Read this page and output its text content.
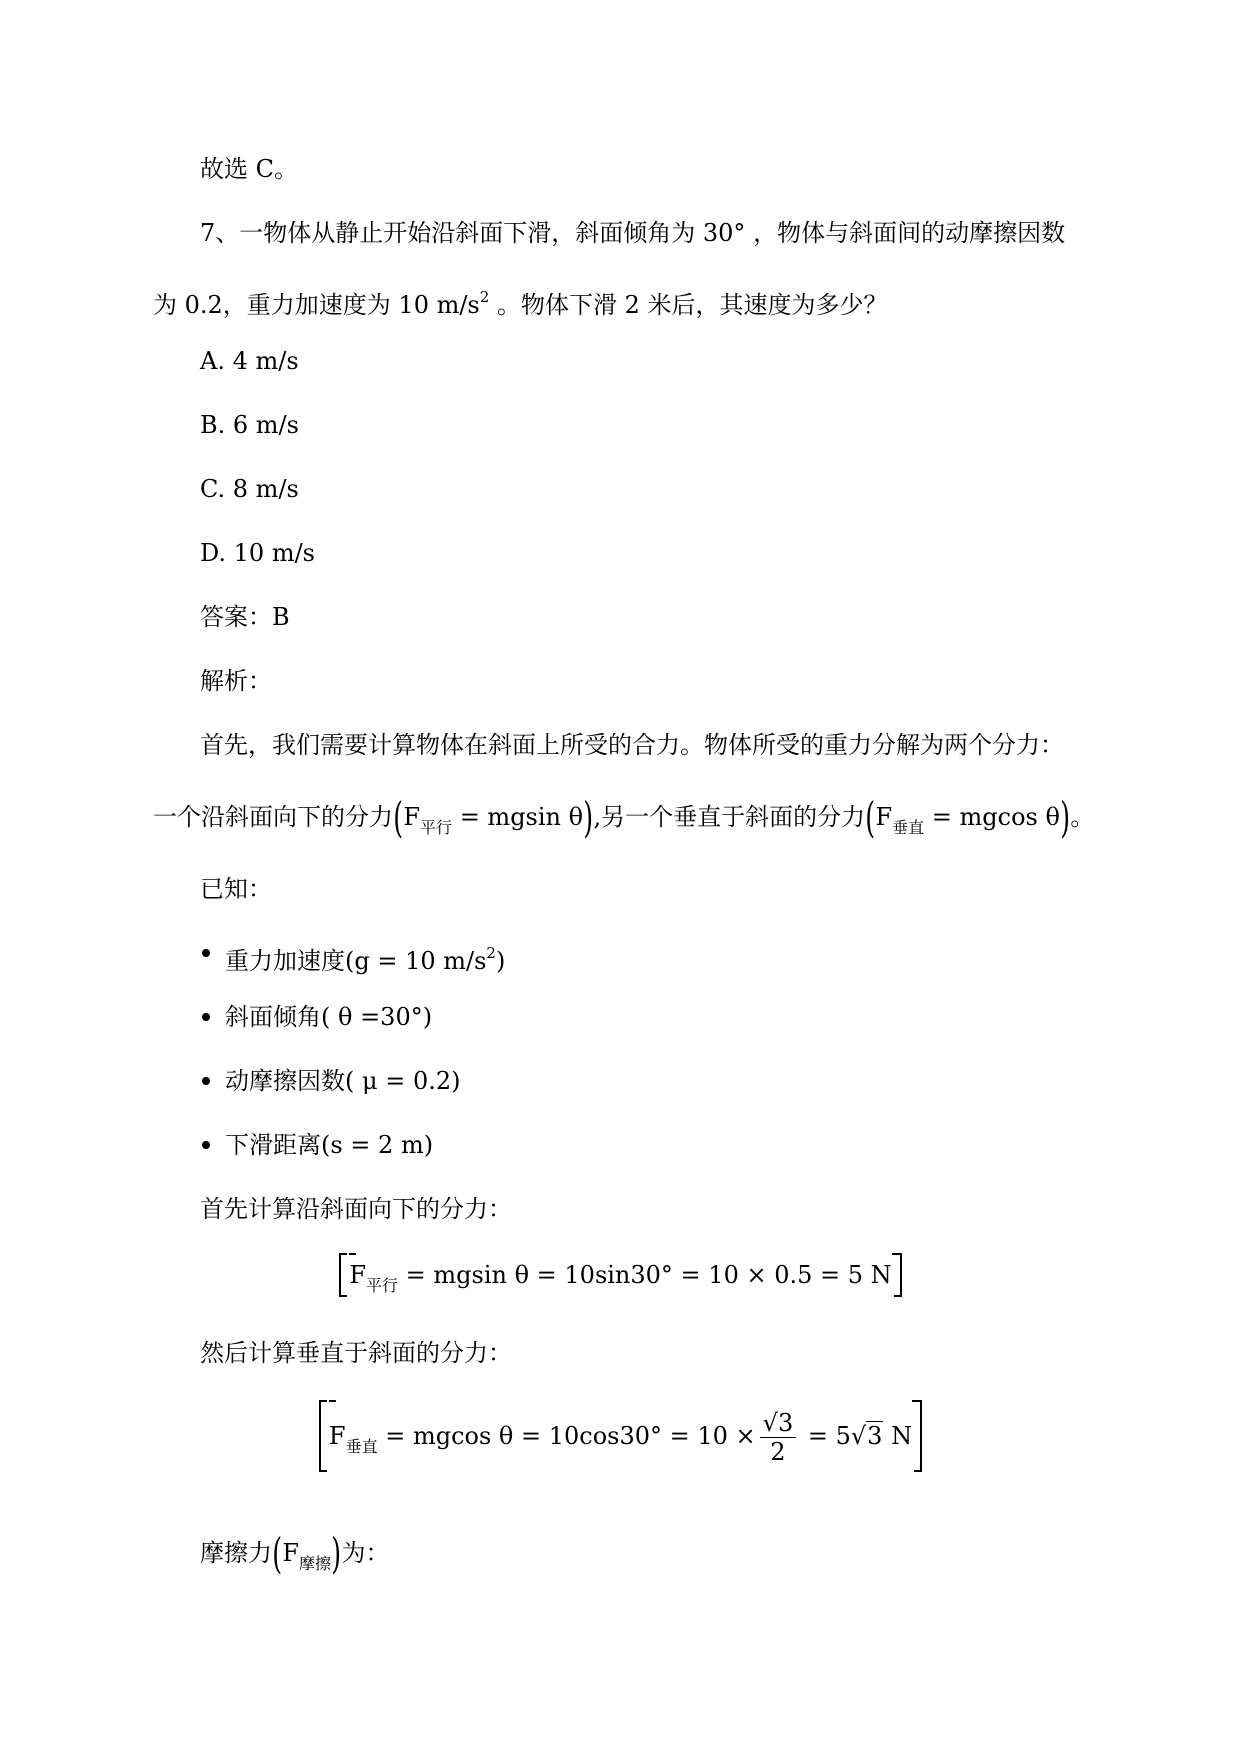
故选 C。
7、一物体从静止开始沿斜面下滑，斜面倾角为 30° ，物体与斜面间的动摩擦因数
为 0.2，重力加速度为 10 $m/s^2$ 。物体下滑 2 米后，其速度为多少？
A. 4 m/s
B. 6 m/s
C. 8 m/s
D. 10 m/s
答案：B
解析：
首先，我们需要计算物体在斜面上所受的合力。物体所受的重力分解为两个分力：
一个沿斜面向下的分力($F_{平行} = mgsin$ θ),另一个垂直于斜面的分力($F_{垂直} = mgcos$ θ)。
已知：
重力加速度(g = 10 $m/s^2$)
斜面倾角( θ =30°)
动摩擦因数( μ = 0.2)
下滑距离(s = 2 m)
首先计算沿斜面向下的分力：
$F_{平行} = mgsin$ θ = 10sin30° = 10 × 0.5 = 5 N
然后计算垂直于斜面的分力：
$F_{垂直} = mgcos$ $\theta = 10\cos 30^\circ = 10 \times \frac{√3}{2} = 5√3$ N
摩擦力$(F_{摩擦})$为：
